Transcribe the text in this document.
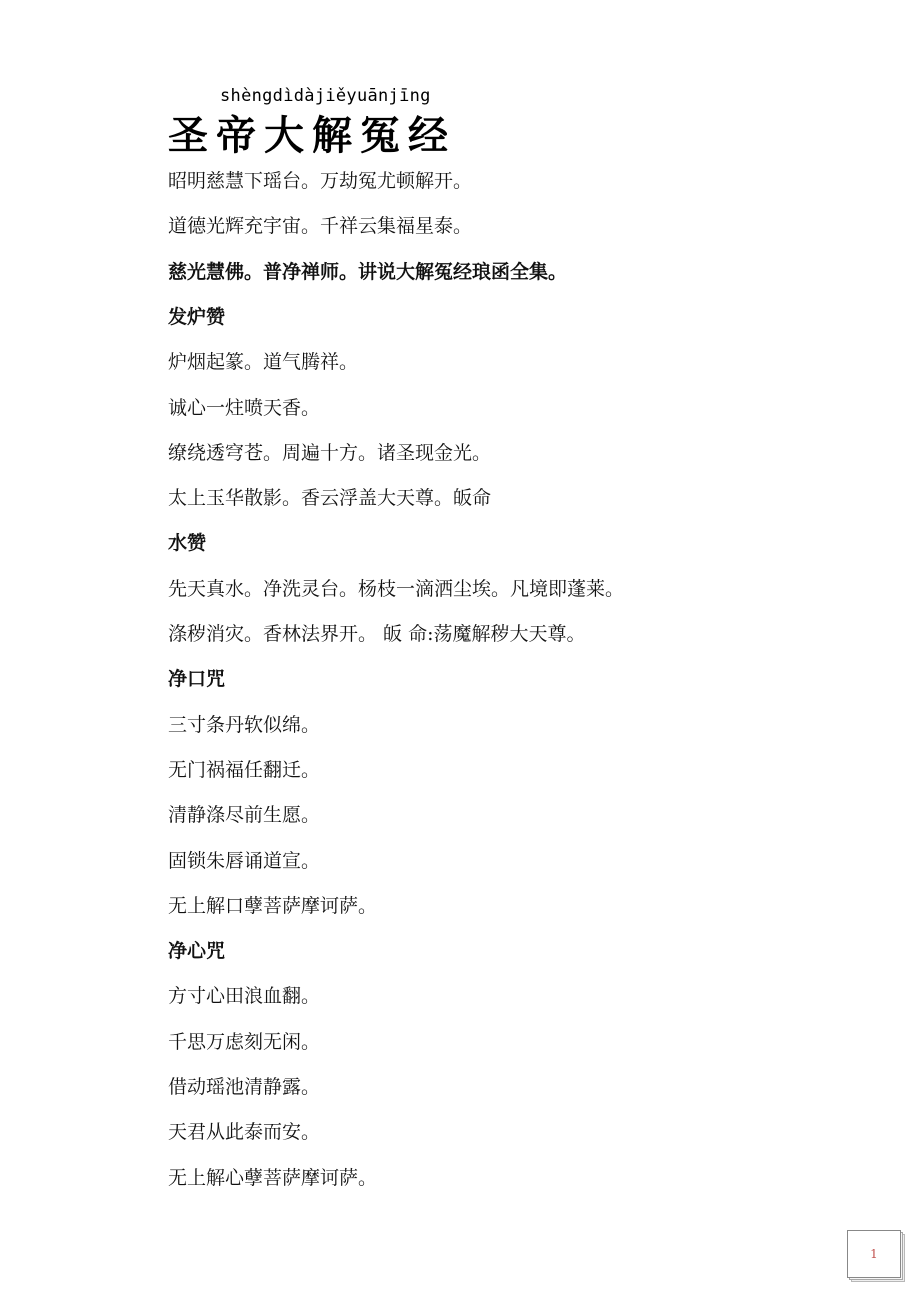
shèngdìdàjiěyuānjīng
圣帝大解冤经
昭明慈慧下瑶台。万劫冤尤顿解开。
道德光辉充宇宙。千祥云集福星泰。
慈光慧佛。普净禅师。讲说大解冤经琅函全集。
发炉赞
炉烟起篆。道气腾祥。
诚心一炷喷天香。
缭绕透穹苍。周遍十方。诸圣现金光。
太上玉华散影。香云浮盖大天尊。皈命
水赞
先天真水。净洗灵台。杨枝一滴洒尘埃。凡境即蓬莱。
涤秽消灾。香林法界开。 皈 命:荡魔解秽大天尊。
净口咒
三寸条丹软似绵。
无门祸福任翻迁。
清静涤尽前生愿。
固锁朱唇诵道宣。
无上解口孽菩萨摩诃萨。
净心咒
方寸心田浪血翻。
千思万虑刻无闲。
借动瑶池清静露。
天君从此泰而安。
无上解心孽菩萨摩诃萨。
1
